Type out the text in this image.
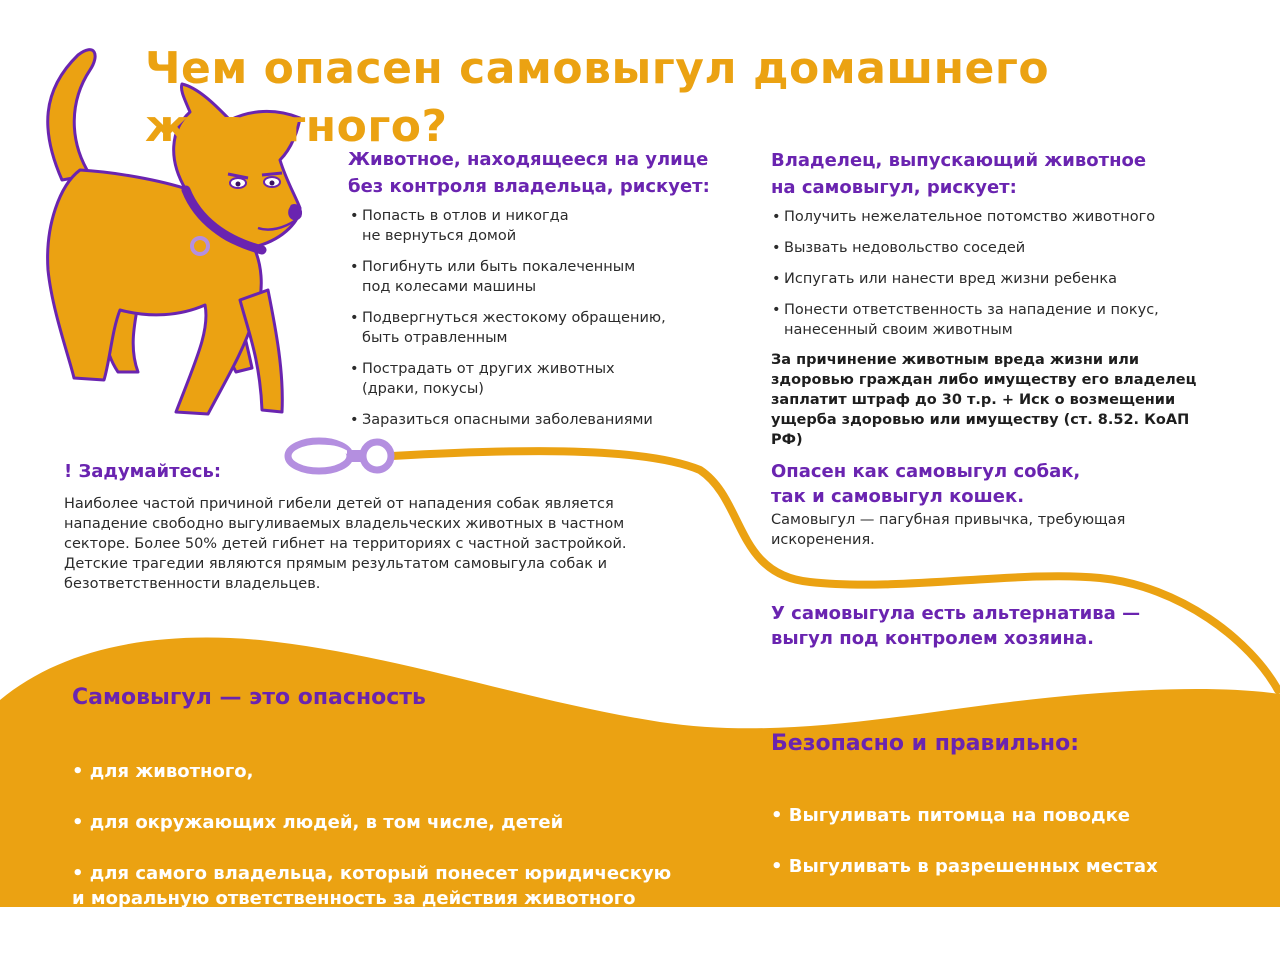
Чем опасен самовыгул домашнего животного?
Животное, находящееся на улице
без контроля владельца, рискует:
• Попасть в отлов и никогда
не вернуться домой
• Погибнуть или быть покалеченным
под колесами машины
• Подвергнуться жестокому обращению,
быть отравленным
• Пострадать от других животных
(драки, покусы)
• Заразиться опасными заболеваниями
Владелец, выпускающий животное
на самовыгул, рискует:
• Получить нежелательное потомство животного
• Вызвать недовольство соседей
• Испугать или нанести вред жизни ребенка
• Понести ответственность за нападение и покус,
нанесенный своим животным
За причинение животным вреда жизни или здоровью граждан либо имуществу его владелец заплатит штраф до 30 т.р. + Иск о возмещении ущерба здоровью или имуществу (ст. 8.52. КоАП РФ)
! Задумайтесь:
Наиболее частой причиной гибели детей от нападения собак является нападение свободно выгуливаемых владельческих животных в частном секторе. Более 50% детей гибнет на территориях с частной застройкой. Детские трагедии являются прямым результатом самовыгула собак и безответственности владельцев.
Опасен как самовыгул собак,
так и самовыгул кошек.
Самовыгул — пагубная привычка, требующая искоренения.
У самовыгула есть альтернатива —
выгул под контролем хозяина.
Самовыгул — это опасность

• для животного,

• для окружающих людей, в том числе, детей

• для самого владельца, который понесет юридическую
и моральную ответственность за действия животного

Безопасно и правильно:

• Выгуливать питомца на поводке

• Выгуливать в разрешенных местах

• Убирать за своим питомцем
